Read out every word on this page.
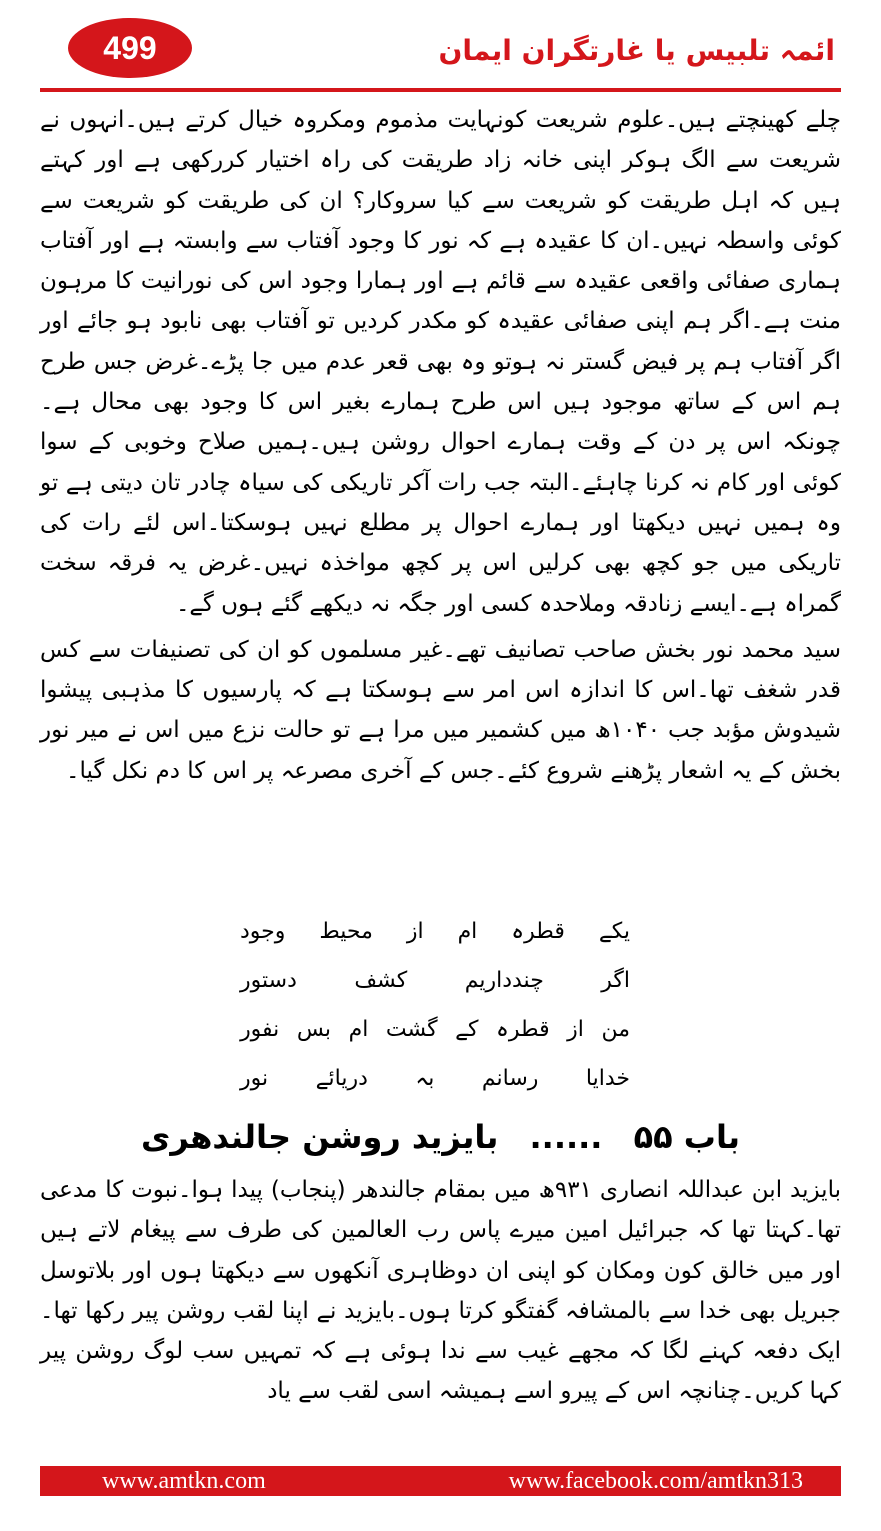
499	ائمہ تلبیس یا غارتگران ایمان

چلے کھینچتے ہیں۔علوم شریعت کونہایت مذموم ومکروہ خیال کرتے ہیں۔انہوں نے شریعت سے الگ ہوکر اپنی خانہ زاد طریقت کی راہ اختیار کررکھی ہے اور کہتے ہیں کہ اہل طریقت کو شریعت سے کیا سروکار؟ ان کی طریقت کو شریعت سے کوئی واسطہ نہیں۔ان کا عقیدہ ہے کہ نور کا وجود آفتاب سے وابستہ ہے اور آفتاب ہماری صفائی واقعی عقیدہ سے قائم ہے اور ہمارا وجود اس کی نورانیت کا مرہون منت ہے۔اگر ہم اپنی صفائی عقیدہ کو مکدر کردیں تو آفتاب بھی نابود ہو جائے اور اگر آفتاب ہم پر فیض گستر نہ ہوتو وہ بھی قعر عدم میں جا پڑے۔غرض جس طرح ہم اس کے ساتھ موجود ہیں اس طرح ہمارے بغیر اس کا وجود بھی محال ہے۔چونکہ اس پر دن کے وقت ہمارے احوال روشن ہیں۔ہمیں صلاح وخوبی کے سوا کوئی اور کام نہ کرنا چاہئے۔البتہ جب رات آکر تاریکی کی سیاہ چادر تان دیتی ہے تو وہ ہمیں نہیں دیکھتا اور ہمارے احوال پر مطلع نہیں ہوسکتا۔اس لئے رات کی تاریکی میں جو کچھ بھی کرلیں اس پر کچھ مواخذہ نہیں۔غرض یہ فرقہ سخت گمراہ ہے۔ایسے زنادقہ وملاحدہ کسی اور جگہ نہ دیکھے گئے ہوں گے۔

سید محمد نور بخش صاحب تصانیف تھے۔غیر مسلموں کو ان کی تصنیفات سے کس قدر شغف تھا۔اس کا اندازہ اس امر سے ہوسکتا ہے کہ پارسیوں کا مذہبی پیشوا شیدوش مؤبد جب ۱۰۴۰ھ میں کشمیر میں مرا ہے تو حالت نزع میں اس نے میر نور بخش کے یہ اشعار پڑھنے شروع کئے۔جس کے آخری مصرعہ پر اس کا دم نکل گیا۔

یکے
قطرہ
ام
از
محیط
وجود
اگر
چندداریم
کشف
دستور
من
از
قطرہ
کے
گشت
ام
بس
نفور
خدایا
رسانم
بہ
دریائے
نور
باب ۵۵ ...... بایزید روشن جالندھری

بایزید ابن عبداللہ انصاری ۹۳۱ھ میں بمقام جالندھر (پنجاب) پیدا ہوا۔نبوت کا مدعی تھا۔کہتا تھا کہ جبرائیل امین میرے پاس رب العالمین کی طرف سے پیغام لاتے ہیں اور میں خالق کون ومکان کو اپنی ان دوظاہری آنکھوں سے دیکھتا ہوں اور بلاتوسل جبریل بھی خدا سے بالمشافہ گفتگو کرتا ہوں۔بایزید نے اپنا لقب روشن پیر رکھا تھا۔ایک دفعہ کہنے لگا کہ مجھے غیب سے ندا ہوئی ہے کہ تمہیں سب لوگ روشن پیر کہا کریں۔چنانچہ اس کے پیرو اسے ہمیشہ اسی لقب سے یاد

www.amtkn.com	www.facebook.com/amtkn313
